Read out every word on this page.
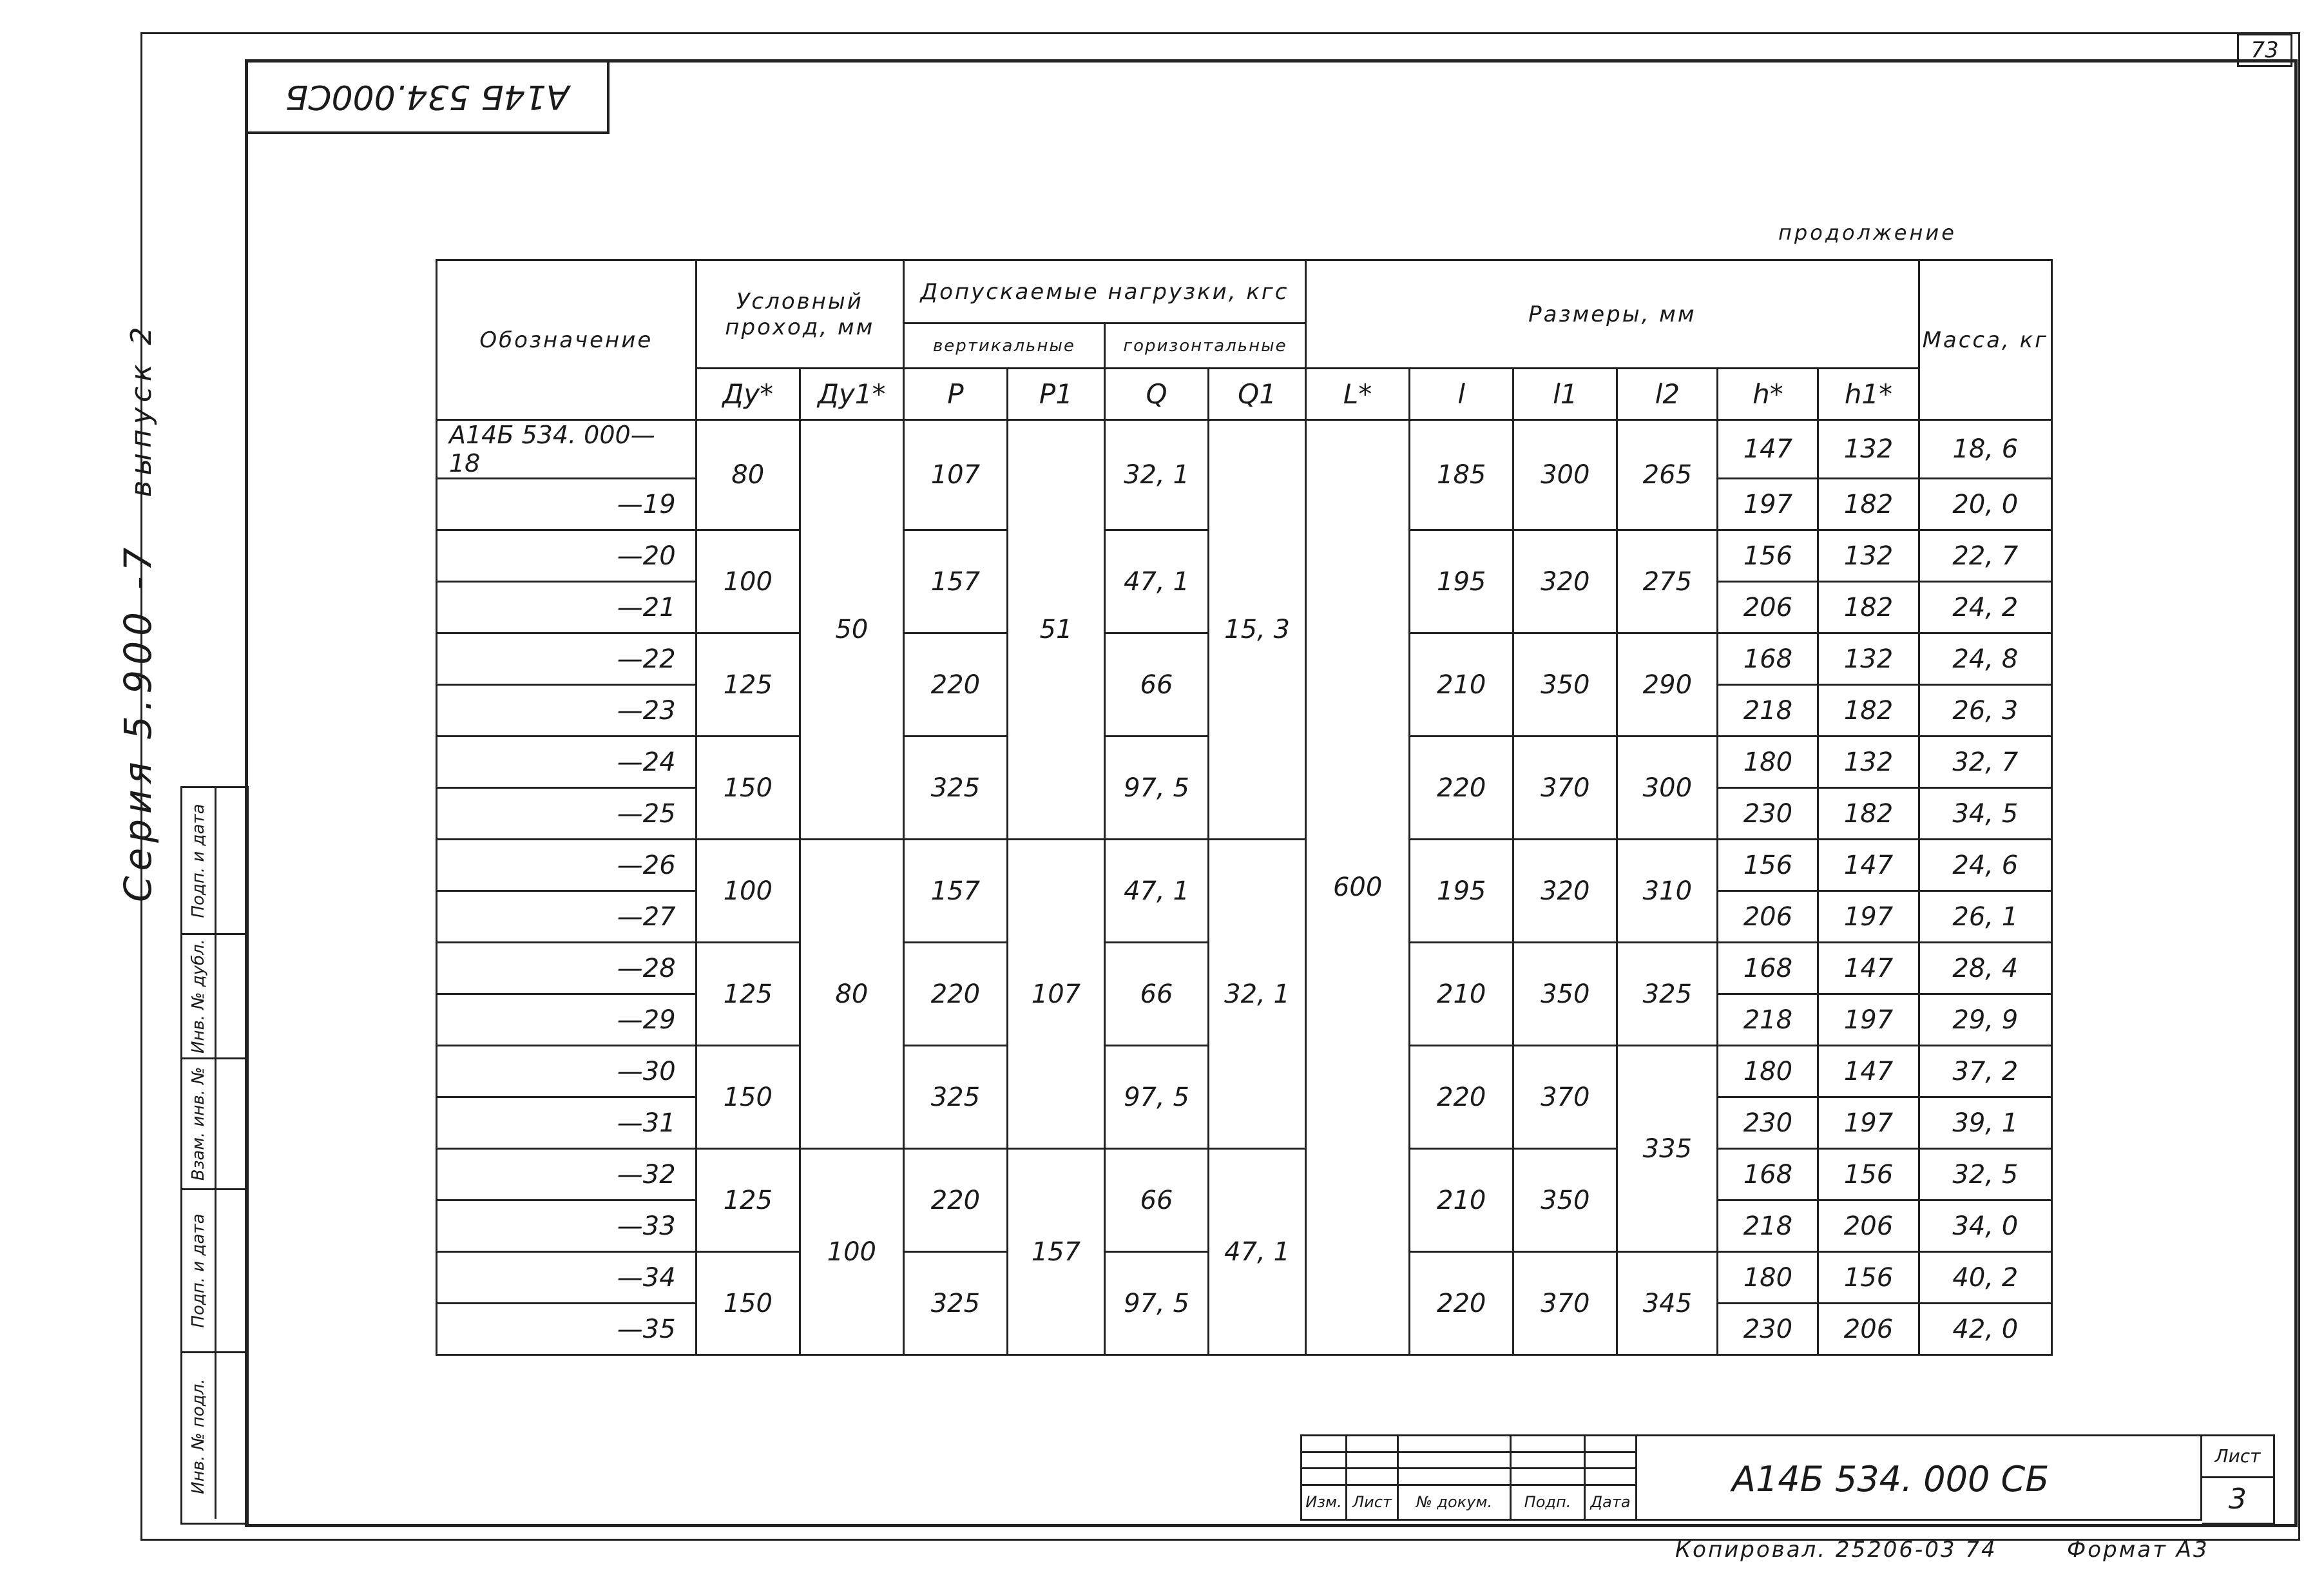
73
A14Б 534.000СБ
Серия 5.900 -7выпуск 2
Подп. и дата
Инв. № дубл.
Взам. инв. №
Подп. и дата
Инв. № подл.
продолжение
Обозначение	Условный проход, мм		Допускаемые нагрузки, кгс				Размеры, мм						Масса, кг
			вертикальные		горизонтальные								
	Ду*	Ду1*	P	P1	Q	Q1	L*	l	l1	l2	h*	h1*	
A14Б 534. 000—18	80	50	107	51	32, 1	15, 3	600	185	300	265	147	132	18, 6
—19											197	182	20, 0
—20	100		157		47, 1			195	320	275	156	132	22, 7
—21											206	182	24, 2
—22	125		220		66			210	350	290	168	132	24, 8
—23											218	182	26, 3
—24	150		325		97, 5			220	370	300	180	132	32, 7
—25											230	182	34, 5
—26	100	80	157	107	47, 1	32, 1		195	320	310	156	147	24, 6
—27											206	197	26, 1
—28	125		220		66			210	350	325	168	147	28, 4
—29											218	197	29, 9
—30	150		325		97, 5			220	370	335	180	147	37, 2
—31											230	197	39, 1
—32	125	100	220	157	66	47, 1		210	350		168	156	32, 5
—33											218	206	34, 0
—34	150		325		97, 5			220	370	345	180	156	40, 2
—35											230	206	42, 0

Изм.	Лист	№ докум.	Подп.	Дата
A14Б 534. 000 СБ
Лист
3
Копировал. 25206-03 74	Формат A3
